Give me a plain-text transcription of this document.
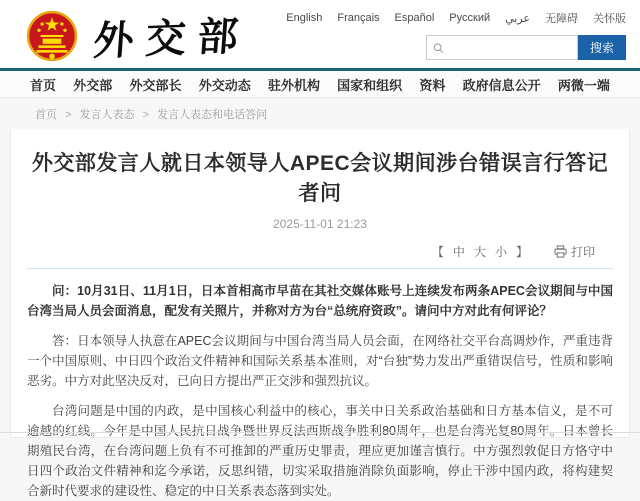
外交部	English Français Español Русский عربي 无障碍 关怀版
搜索
首页 外交部 外交部长 外交动态 驻外机构 国家和组织 资料 政府信息公开 两微一端
首页 > 发言人表态 > 发言人表态和电话答问
外交部发言人就日本领导人APEC会议期间涉台错误言行答记者问
2025-11-01 21:23
【 中 大 小 】	打印

问：10月31日、11月1日，日本首相高市早苗在其社交媒体账号上连续发布两条APEC会议期间与中国台湾当局人员会面消息，配发有关照片，并称对方为台“总统府资政”。请问中方对此有何评论？

答：日本领导人执意在APEC会议期间与中国台湾当局人员会面，在网络社交平台高调炒作，严重违背一个中国原则、中日四个政治文件精神和国际关系基本准则，对“台独”势力发出严重错误信号，性质和影响恶劣。中方对此坚决反对，已向日方提出严正交涉和强烈抗议。

台湾问题是中国的内政，是中国核心利益中的核心，事关中日关系政治基础和日方基本信义，是不可逾越的红线。今年是中国人民抗日战争暨世界反法西斯战争胜利80周年，也是台湾光复80周年。日本曾长期殖民台湾，在台湾问题上负有不可推卸的严重历史罪责，理应更加谨言慎行。中方强烈敦促日方恪守中日四个政治文件精神和迄今承诺，反思纠错，切实采取措施消除负面影响，停止干涉中国内政，将构建契合新时代要求的建设性、稳定的中日关系表态落到实处。
